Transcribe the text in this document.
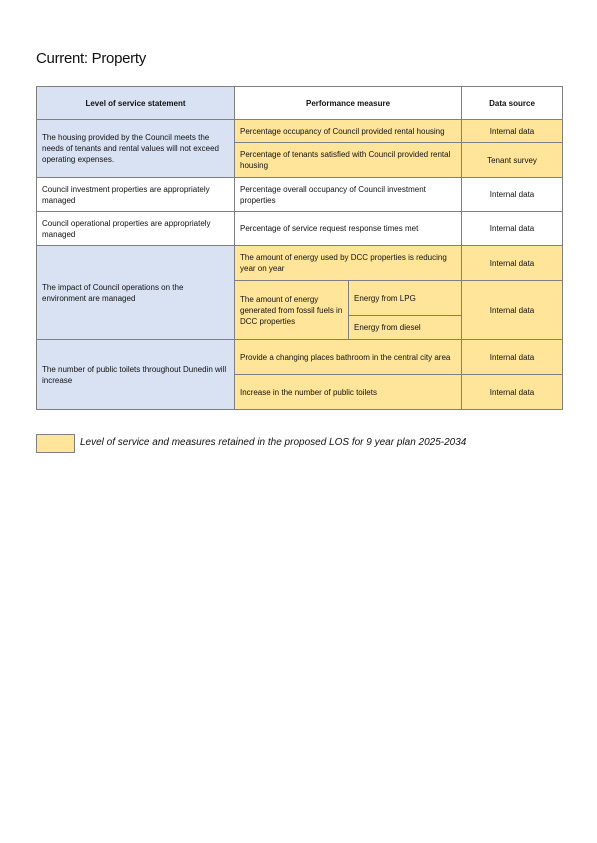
Current: Property
Level of service statement	Performance measure		Data source
The housing provided by the Council meets the needs of tenants and rental values will not exceed operating expenses.	Percentage occupancy of Council provided rental housing		Internal data
	Percentage of tenants satisfied with Council provided rental housing		Tenant survey
Council investment properties are appropriately managed	Percentage overall occupancy of Council investment properties		Internal data
Council operational properties are appropriately managed	Percentage of service request response times met		Internal data
The impact of Council operations on the environment are managed	The amount of energy used by DCC properties is reducing year on year		Internal data
	The amount of energy generated from fossil fuels in DCC properties	Energy from LPG	Internal data
		Energy from diesel	
The number of public toilets throughout Dunedin will increase	Provide a changing places bathroom in the central city area		Internal data
	Increase in the number of public toilets		Internal data
Level of service and measures retained in the proposed LOS for 9 year plan 2025-2034
